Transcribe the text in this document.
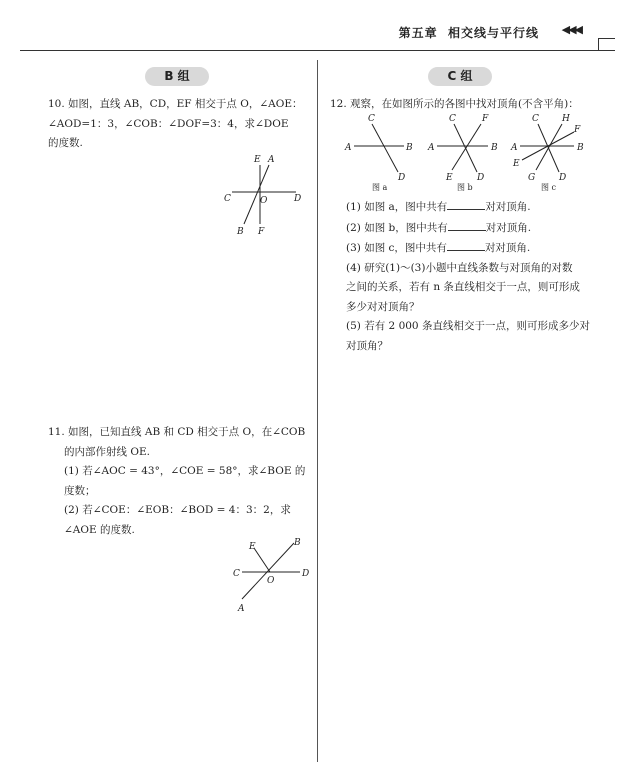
第五章 相交线与平行线 ◀◀◀
B 组	C 组

10. 如图，直线 AB，CD，EF 相交于点 O，∠AOE：

∠AOD=1：3，∠COB：∠DOF=3：4，求∠DOE

的度数.

E A
C	O	D
B F

11. 如图，已知直线 AB 和 CD 相交于点 O，在∠COB

的内部作射线 OE.

(1) 若∠AOC = 43°，∠COE = 58°，求∠BOE 的

度数；

(2) 若∠COE：∠EOB：∠BOD = 4：3：2，求

∠AOE 的度数.

E	B
C
O
D
A

12. 观察，在如图所示的各图中找对顶角(不含平角)：

C
A	B
D
图 a
C	F
A	B
E	D
图 b
C	H
F
A	B
E
G	D
图 c

(1) 如图 a，图中共有	对对顶角.

(2) 如图 b，图中共有	对对顶角.

(3) 如图 c，图中共有	对对顶角.

(4) 研究(1)～(3)小题中直线条数与对顶角的对数

之间的关系，若有 n 条直线相交于一点，则可形成

多少对对顶角？

(5) 若有 2 000 条直线相交于一点，则可形成多少对

对顶角？
